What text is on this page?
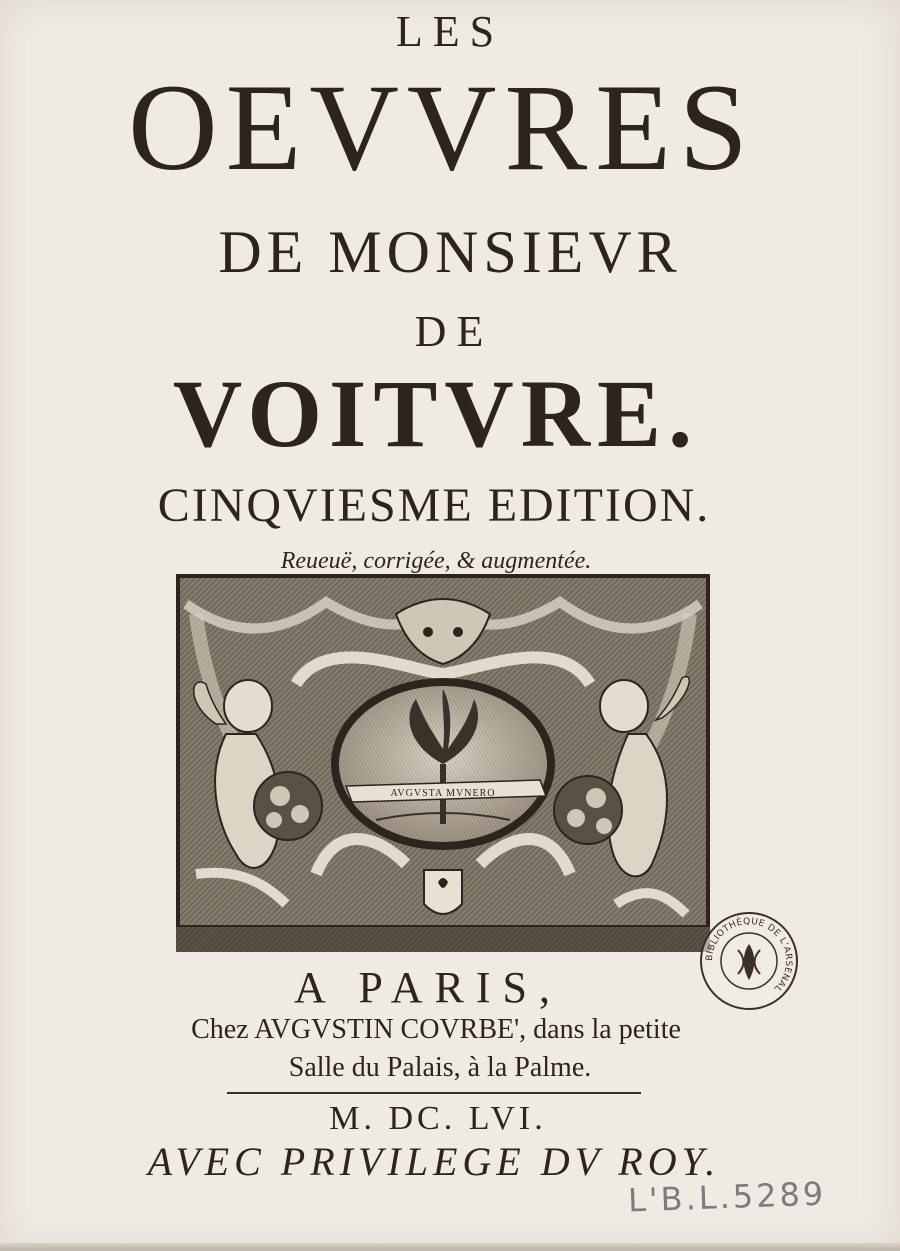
LES
OEVVRES
DE MONSIEVR
DE
VOITVRE.
CINQVIESME EDITION.
Reueuë, corrigée, & augmentée.
AVGVSTA MVNERO
BIBLIOTHÈQUE DE L'ARSENAL
A PARIS,
Chez AVGVSTIN COVRBE', dans la petite
Salle du Palais, à la Palme.
M. DC. LVI.
AVEC PRIVILEGE DV ROY.
L'B.L.5289
